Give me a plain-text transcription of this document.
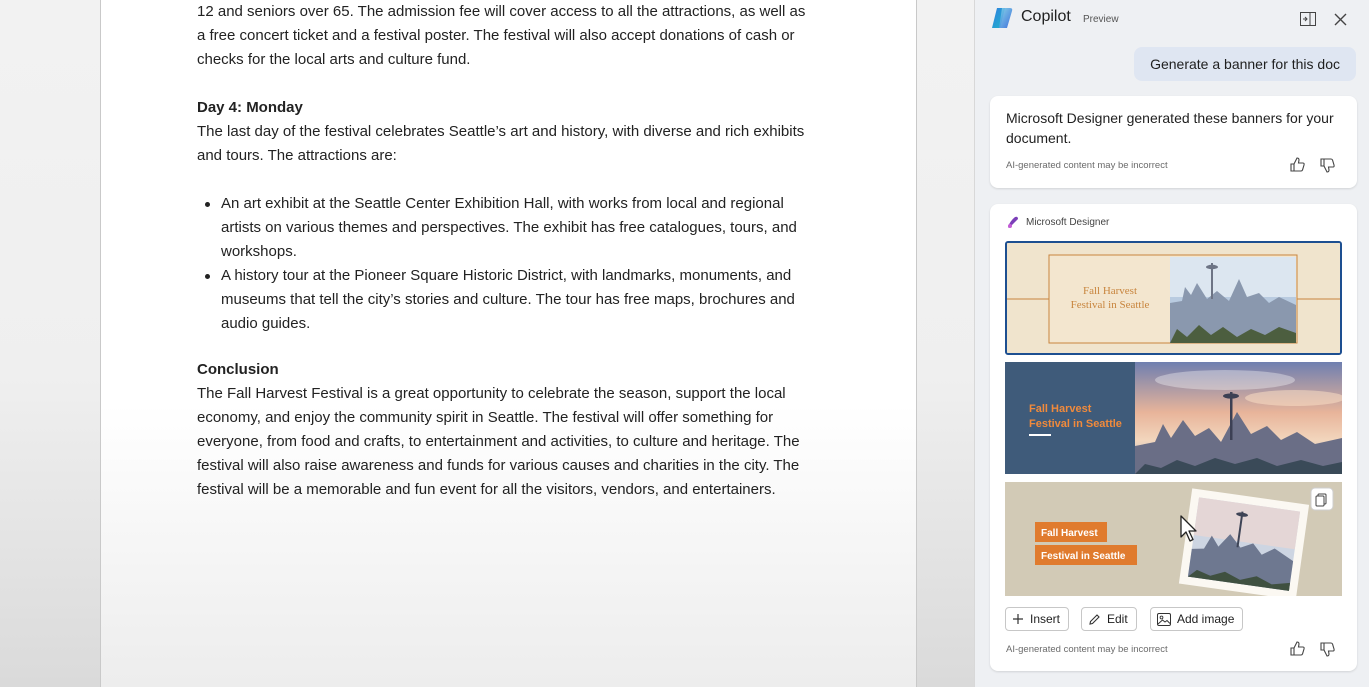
12 and seniors over 65. The admission fee will cover access to all the attractions, as well as

a free concert ticket and a festival poster. The festival will also accept donations of cash or

checks for the local arts and culture fund.

Day 4: Monday

The last day of the festival celebrates Seattle’s art and history, with diverse and rich exhibits

and tours. The attractions are:

An art exhibit at the Seattle Center Exhibition Hall, with works from local and regional
artists on various themes and perspectives. The exhibit has free catalogues, tours, and
workshops.
A history tour at the Pioneer Square Historic District, with landmarks, monuments, and
museums that tell the city’s stories and culture. The tour has free maps, brochures and
audio guides.
Conclusion

The Fall Harvest Festival is a great opportunity to celebrate the season, support the local

economy, and enjoy the community spirit in Seattle. The festival will offer something for

everyone, from food and crafts, to entertainment and activities, to culture and heritage. The

festival will also raise awareness and funds for various causes and charities in the city. The

festival will be a memorable and fun event for all the visitors, vendors, and entertainers.

Copilot Preview
Generate a banner for this doc
Microsoft Designer generated these banners for your document.
AI-generated content may be incorrect
Microsoft Designer
Fall Harvest
Festival in Seattle
Fall Harvest
Festival in Seattle
Fall Harvest
Festival in Seattle
Insert	Edit	Add image
AI-generated content may be incorrect
